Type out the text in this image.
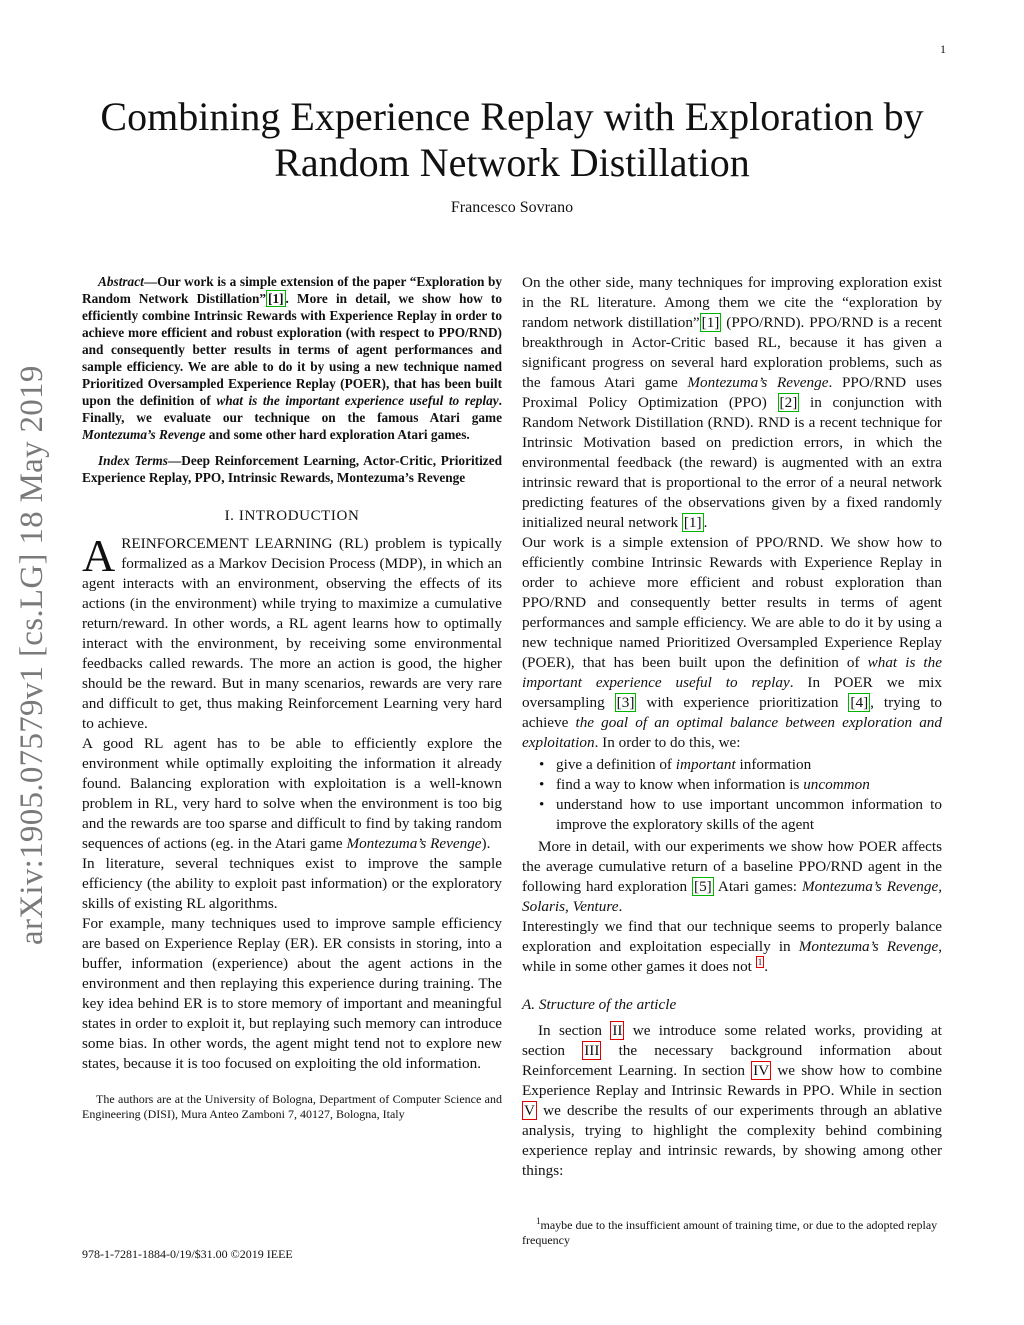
1
arXiv:1905.07579v1 [cs.LG] 18 May 2019
Combining Experience Replay with Exploration by Random Network Distillation
Francesco Sovrano

Abstract—Our work is a simple extension of the paper “Exploration by Random Network Distillation” [1] . More in detail, we show how to efficiently combine Intrinsic Rewards with Experience Replay in order to achieve more efficient and robust exploration (with respect to PPO/RND) and consequently better results in terms of agent performances and sample efficiency. We are able to do it by using a new technique named Prioritized Oversampled Experience Replay (POER), that has been built upon the definition of what is the important experience useful to replay. Finally, we evaluate our technique on the famous Atari game Montezuma’s Revenge and some other hard exploration Atari games.

Index Terms—Deep Reinforcement Learning, Actor-Critic, Prioritized Experience Replay, PPO, Intrinsic Rewards, Montezuma’s Revenge

I. INTRODUCTION

AREINFORCEMENT LEARNING (RL) problem is typically formalized as a Markov Decision Process (MDP), in which an agent interacts with an environment, observing the effects of its actions (in the environment) while trying to maximize a cumulative return/reward. In other words, a RL agent learns how to optimally interact with the environment, by receiving some environmental feedbacks called rewards. The more an action is good, the higher should be the reward. But in many scenarios, rewards are very rare and difficult to get, thus making Reinforcement Learning very hard to achieve.

A good RL agent has to be able to efficiently explore the environment while optimally exploiting the information it already found. Balancing exploration with exploitation is a well-known problem in RL, very hard to solve when the environment is too big and the rewards are too sparse and difficult to find by taking random sequences of actions (eg. in the Atari game Montezuma’s Revenge).

In literature, several techniques exist to improve the sample efficiency (the ability to exploit past information) or the exploratory skills of existing RL algorithms.

For example, many techniques used to improve sample efficiency are based on Experience Replay (ER). ER consists in storing, into a buffer, information (experience) about the agent actions in the environment and then replaying this experience during training. The key idea behind ER is to store memory of important and meaningful states in order to exploit it, but replaying such memory can introduce some bias. In other words, the agent might tend not to explore new states, because it is too focused on exploiting the old information.

The authors are at the University of Bologna, Department of Computer Science and Engineering (DISI), Mura Anteo Zamboni 7, 40127, Bologna, Italy

978-1-7281-1884-0/19/$31.00 ©2019 IEEE

On the other side, many techniques for improving exploration exist in the RL literature. Among them we cite the “exploration by random network distillation” [1] (PPO/RND). PPO/RND is a recent breakthrough in Actor-Critic based RL, because it has given a significant progress on several hard exploration problems, such as the famous Atari game Montezuma’s Revenge. PPO/RND uses Proximal Policy Optimization (PPO) [2] in conjunction with Random Network Distillation (RND). RND is a recent technique for Intrinsic Motivation based on prediction errors, in which the environmental feedback (the reward) is augmented with an extra intrinsic reward that is proportional to the error of a neural network predicting features of the observations given by a fixed randomly initialized neural network [1] .

Our work is a simple extension of PPO/RND. We show how to efficiently combine Intrinsic Rewards with Experience Replay in order to achieve more efficient and robust exploration than PPO/RND and consequently better results in terms of agent performances and sample efficiency. We are able to do it by using a new technique named Prioritized Oversampled Experience Replay (POER), that has been built upon the definition of what is the important experience useful to replay. In POER we mix oversampling [3] with experience prioritization [4] , trying to achieve the goal of an optimal balance between exploration and exploitation. In order to do this, we:

• give a definition of important information
• find a way to know when information is uncommon
• understand how to use important uncommon information to improve the exploratory skills of the agent

More in detail, with our experiments we show how POER affects the average cumulative return of a baseline PPO/RND agent in the following hard exploration [5] Atari games: Montezuma’s Revenge, Solaris, Venture.

Interestingly we find that our technique seems to properly balance exploration and exploitation especially in Montezuma’s Revenge, while in some other games it does not $^1$ .

A. Structure of the article

In section II we introduce some related works, providing at section III the necessary background information about Reinforcement Learning. In section IV we show how to combine Experience Replay and Intrinsic Rewards in PPO. While in section V we describe the results of our experiments through an ablative analysis, trying to highlight the complexity behind combining experience replay and intrinsic rewards, by showing among other things:

$^1$maybe due to the insufficient amount of training time, or due to the adopted replay frequency
